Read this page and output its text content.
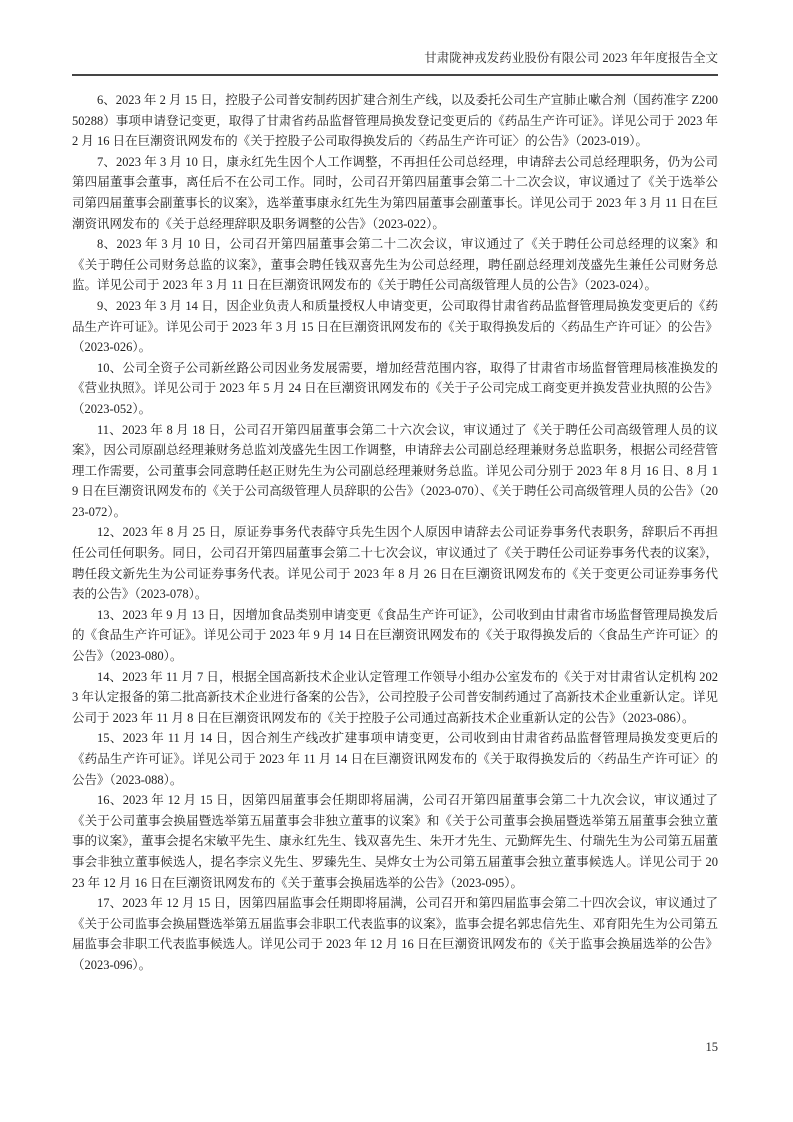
甘肃陇神戎发药业股份有限公司 2023 年年度报告全文

6、2023 年 2 月 15 日，控股子公司普安制药因扩建合剂生产线，以及委托公司生产宣肺止嗽合剂（国药准字 Z20050288）事项申请登记变更，取得了甘肃省药品监督管理局换发登记变更后的《药品生产许可证》。详见公司于 2023 年 2 月 16 日在巨潮资讯网发布的《关于控股子公司取得换发后的〈药品生产许可证〉的公告》（2023-019）。

7、2023 年 3 月 10 日，康永红先生因个人工作调整，不再担任公司总经理，申请辞去公司总经理职务，仍为公司第四届董事会董事，离任后不在公司工作。同时，公司召开第四届董事会第二十二次会议，审议通过了《关于选举公司第四届董事会副董事长的议案》，选举董事康永红先生为第四届董事会副董事长。详见公司于 2023 年 3 月 11 日在巨潮资讯网发布的《关于总经理辞职及职务调整的公告》（2023-022）。

8、2023 年 3 月 10 日，公司召开第四届董事会第二十二次会议，审议通过了《关于聘任公司总经理的议案》和《关于聘任公司财务总监的议案》，董事会聘任钱双喜先生为公司总经理，聘任副总经理刘茂盛先生兼任公司财务总监。详见公司于 2023 年 3 月 11 日在巨潮资讯网发布的《关于聘任公司高级管理人员的公告》（2023-024）。

9、2023 年 3 月 14 日，因企业负责人和质量授权人申请变更，公司取得甘肃省药品监督管理局换发变更后的《药品生产许可证》。详见公司于 2023 年 3 月 15 日在巨潮资讯网发布的《关于取得换发后的〈药品生产许可证〉的公告》（2023-026）。

10、公司全资子公司新丝路公司因业务发展需要，增加经营范围内容，取得了甘肃省市场监督管理局核准换发的《营业执照》。详见公司于 2023 年 5 月 24 日在巨潮资讯网发布的《关于子公司完成工商变更并换发营业执照的公告》（2023-052）。

11、2023 年 8 月 18 日，公司召开第四届董事会第二十六次会议，审议通过了《关于聘任公司高级管理人员的议案》，因公司原副总经理兼财务总监刘茂盛先生因工作调整，申请辞去公司副总经理兼财务总监职务，根据公司经营管理工作需要，公司董事会同意聘任赵正财先生为公司副总经理兼财务总监。详见公司分别于 2023 年 8 月 16 日、8 月 19 日在巨潮资讯网发布的《关于公司高级管理人员辞职的公告》（2023-070）、《关于聘任公司高级管理人员的公告》（2023-072）。

12、2023 年 8 月 25 日，原证券事务代表薛守兵先生因个人原因申请辞去公司证券事务代表职务，辞职后不再担任公司任何职务。同日，公司召开第四届董事会第二十七次会议，审议通过了《关于聘任公司证券事务代表的议案》，聘任段文新先生为公司证券事务代表。详见公司于 2023 年 8 月 26 日在巨潮资讯网发布的《关于变更公司证券事务代表的公告》（2023-078）。

13、2023 年 9 月 13 日，因增加食品类别申请变更《食品生产许可证》，公司收到由甘肃省市场监督管理局换发后的《食品生产许可证》。详见公司于 2023 年 9 月 14 日在巨潮资讯网发布的《关于取得换发后的〈食品生产许可证〉的公告》（2023-080）。

14、2023 年 11 月 7 日，根据全国高新技术企业认定管理工作领导小组办公室发布的《关于对甘肃省认定机构 2023 年认定报备的第二批高新技术企业进行备案的公告》，公司控股子公司普安制药通过了高新技术企业重新认定。详见公司于 2023 年 11 月 8 日在巨潮资讯网发布的《关于控股子公司通过高新技术企业重新认定的公告》（2023-086）。

15、2023 年 11 月 14 日，因合剂生产线改扩建事项申请变更，公司收到由甘肃省药品监督管理局换发变更后的《药品生产许可证》。详见公司于 2023 年 11 月 14 日在巨潮资讯网发布的《关于取得换发后的〈药品生产许可证〉的公告》（2023-088）。

16、2023 年 12 月 15 日，因第四届董事会任期即将届满，公司召开第四届董事会第二十九次会议，审议通过了《关于公司董事会换届暨选举第五届董事会非独立董事的议案》和《关于公司董事会换届暨选举第五届董事会独立董事的议案》，董事会提名宋敏平先生、康永红先生、钱双喜先生、朱开才先生、元勤辉先生、付瑞先生为公司第五届董事会非独立董事候选人，提名李宗义先生、罗臻先生、吴烨女士为公司第五届董事会独立董事候选人。详见公司于 2023 年 12 月 16 日在巨潮资讯网发布的《关于董事会换届选举的公告》（2023-095）。

17、2023 年 12 月 15 日，因第四届监事会任期即将届满，公司召开和第四届监事会第二十四次会议，审议通过了《关于公司监事会换届暨选举第五届监事会非职工代表监事的议案》，监事会提名郭忠信先生、邓育阳先生为公司第五届监事会非职工代表监事候选人。详见公司于 2023 年 12 月 16 日在巨潮资讯网发布的《关于监事会换届选举的公告》（2023-096）。

15
